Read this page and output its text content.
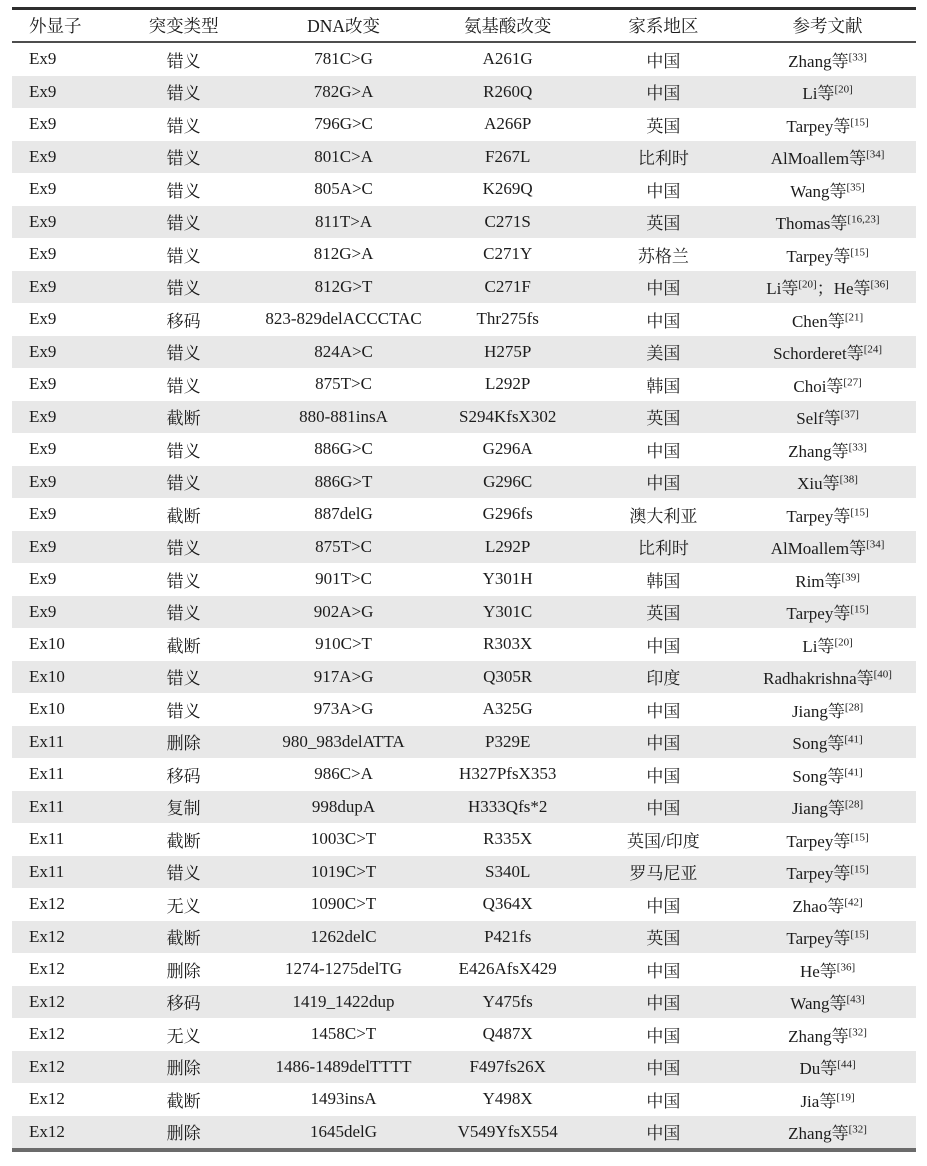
外显子	突变类型	DNA改变	氨基酸改变	家系地区	参考文献
Ex9	错义	781C>G	A261G	中国	Zhang等[33]
Ex9	错义	782G>A	R260Q	中国	Li等[20]
Ex9	错义	796G>C	A266P	英国	Tarpey等[15]
Ex9	错义	801C>A	F267L	比利时	AlMoallem等[34]
Ex9	错义	805A>C	K269Q	中国	Wang等[35]
Ex9	错义	811T>A	C271S	英国	Thomas等[16,23]
Ex9	错义	812G>A	C271Y	苏格兰	Tarpey等[15]
Ex9	错义	812G>T	C271F	中国	Li等[20]；He等[36]
Ex9	移码	823-829delACCCTAC	Thr275fs	中国	Chen等[21]
Ex9	错义	824A>C	H275P	美国	Schorderet等[24]
Ex9	错义	875T>C	L292P	韩国	Choi等[27]
Ex9	截断	880-881insA	S294KfsX302	英国	Self等[37]
Ex9	错义	886G>C	G296A	中国	Zhang等[33]
Ex9	错义	886G>T	G296C	中国	Xiu等[38]
Ex9	截断	887delG	G296fs	澳大利亚	Tarpey等[15]
Ex9	错义	875T>C	L292P	比利时	AlMoallem等[34]
Ex9	错义	901T>C	Y301H	韩国	Rim等[39]
Ex9	错义	902A>G	Y301C	英国	Tarpey等[15]
Ex10	截断	910C>T	R303X	中国	Li等[20]
Ex10	错义	917A>G	Q305R	印度	Radhakrishna等[40]
Ex10	错义	973A>G	A325G	中国	Jiang等[28]
Ex11	删除	980_983delATTA	P329E	中国	Song等[41]
Ex11	移码	986C>A	H327PfsX353	中国	Song等[41]
Ex11	复制	998dupA	H333Qfs*2	中国	Jiang等[28]
Ex11	截断	1003C>T	R335X	英国/印度	Tarpey等[15]
Ex11	错义	1019C>T	S340L	罗马尼亚	Tarpey等[15]
Ex12	无义	1090C>T	Q364X	中国	Zhao等[42]
Ex12	截断	1262delC	P421fs	英国	Tarpey等[15]
Ex12	删除	1274-1275delTG	E426AfsX429	中国	He等[36]
Ex12	移码	1419_1422dup	Y475fs	中国	Wang等[43]
Ex12	无义	1458C>T	Q487X	中国	Zhang等[32]
Ex12	删除	1486-1489delTTTT	F497fs26X	中国	Du等[44]
Ex12	截断	1493insA	Y498X	中国	Jia等[19]
Ex12	删除	1645delG	V549YfsX554	中国	Zhang等[32]
